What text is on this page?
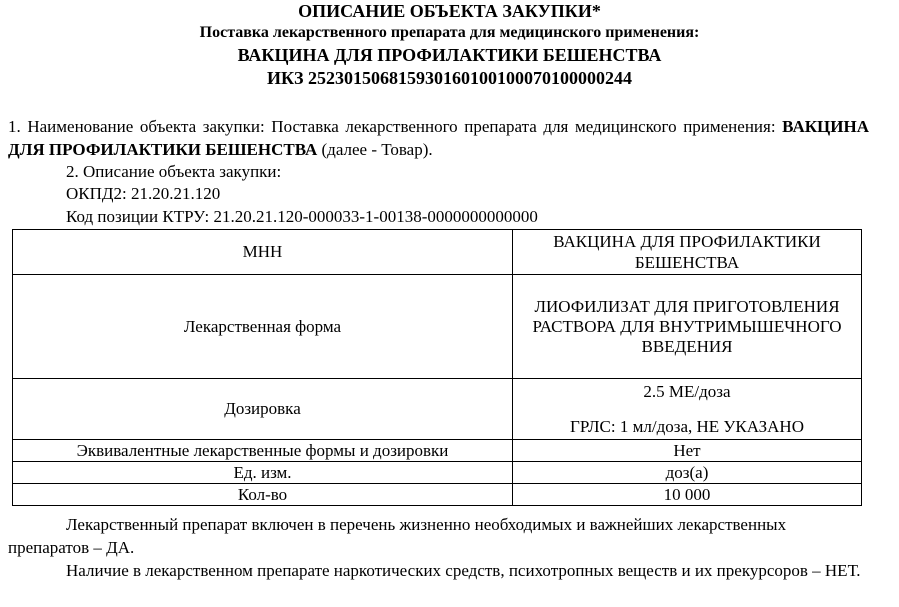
ОПИСАНИЕ ОБЪЕКТА ЗАКУПКИ*
Поставка лекарственного препарата для медицинского применения:
ВАКЦИНА ДЛЯ ПРОФИЛАКТИКИ БЕШЕНСТВА
ИКЗ 252301506815930160100100070100000244
1. Наименование объекта закупки: Поставка лекарственного препарата для медицинского применения: ВАКЦИНА ДЛЯ ПРОФИЛАКТИКИ БЕШЕНСТВА (далее - Товар).
2. Описание объекта закупки:
ОКПД2: 21.20.21.120
Код позиции КТРУ: 21.20.21.120-000033-1-00138-0000000000000
МНН	ВАКЦИНА ДЛЯ ПРОФИЛАКТИКИ БЕШЕНСТВА
Лекарственная форма	ЛИОФИЛИЗАТ ДЛЯ ПРИГОТОВЛЕНИЯ РАСТВОРА ДЛЯ ВНУТРИМЫШЕЧНОГО ВВЕДЕНИЯ
Дозировка	2.5 МЕ/доза
ГРЛС: 1 мл/доза, НЕ УКАЗАНО

Эквивалентные лекарственные формы и дозировки	Нет
Ед. изм.	доз(а)
Кол-во	10 000
Лекарственный препарат включен в перечень жизненно необходимых и важнейших лекарственных препаратов – ДА.
Наличие в лекарственном препарате наркотических средств, психотропных веществ и их прекурсоров – НЕТ.
